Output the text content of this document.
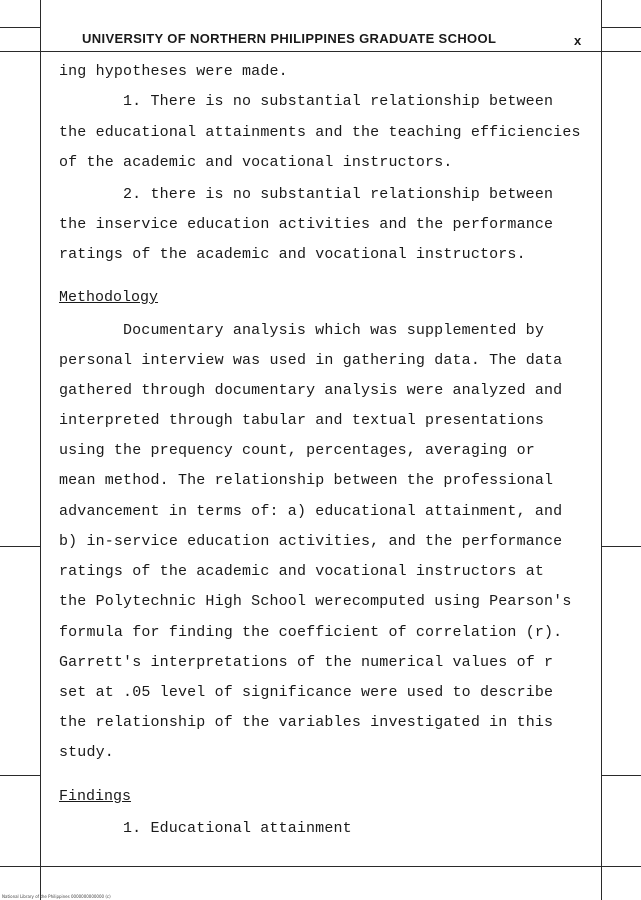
UNIVERSITY OF NORTHERN PHILIPPINES GRADUATE SCHOOL	x
ing hypotheses were made.
1. There is no substantial relationship between
the educational attainments and the teaching efficiencies
of the academic and vocational instructors.
2. there is no substantial relationship between
the inservice education activities and the performance
ratings of the academic and vocational instructors.
Methodology
Documentary analysis which was supplemented by
personal interview was used in gathering data. The data
gathered through documentary analysis were analyzed and
interpreted through tabular and textual presentations
using the prequency count, percentages, averaging or
mean method. The relationship between the professional
advancement in terms of: a) educational attainment, and
b) in-service education activities, and the performance
ratings of the academic and vocational instructors at
the Polytechnic High School werecomputed using Pearson's
formula for finding the coefficient of correlation (r).
Garrett's interpretations of the numerical values of r
set at .05 level of significance were used to describe
the relationship of the variables investigated in this
study.
Findings
1. Educational attainment
National Library of the Philippines 0000000000000 (c)
